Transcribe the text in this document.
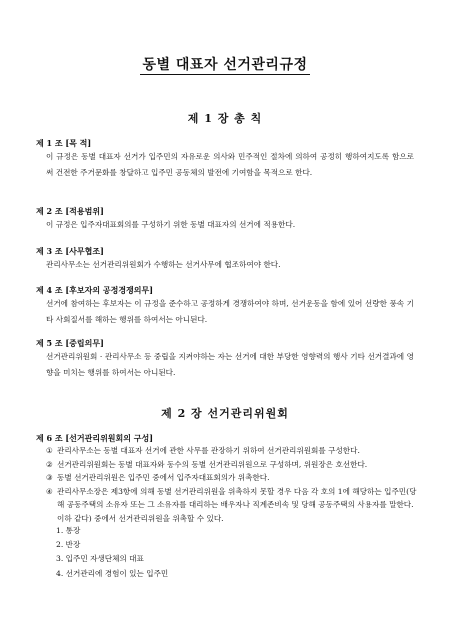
동별 대표자 선거관리규정
제 1 장 총 칙
제 1 조 [목 적]
이 규정은 동별 대표자 선거가 입주민의 자유로운 의사와 민주적인 절차에 의하여 공정히 행하여지도록 함으로써 건전한 주거문화를 창달하고 입주민 공동체의 발전에 기여함을 목적으로 한다.
제 2 조 [적용범위]
이 규정은 입주자대표회의를 구성하기 위한 동별 대표자의 선거에 적용한다.
제 3 조 [사무협조]
관리사무소는 선거관리위원회가 수행하는 선거사무에 협조하여야 한다.
제 4 조 [후보자의 공정경쟁의무]
선거에 참여하는 후보자는 이 규정을 준수하고 공정하게 경쟁하여야 하며, 선거운동을 함에 있어 선량한 풍속 기타 사회질서를 해하는 행위를 하여서는 아니된다.
제 5 조 [중립의무]
선거관리위원회 · 관리사무소 등 중립을 지켜야하는 자는 선거에 대한 부당한 영향력의 행사 기타 선거결과에 영향을 미치는 행위를 하여서는 아니된다.
제 2 장 선거관리위원회
제 6 조 [선거관리위원회의 구성]
① 관리사무소는 동별 대표자 선거에 관한 사무를 관장하기 위하여 선거관리위원회를 구성한다.
② 선거관리위원회는 동별 대표자와 동수의 동별 선거관리위원으로 구성하며, 위원장은 호선한다.
③ 동별 선거관리위원은 입주민 중에서 입주자대표회의가 위촉한다.
④ 관리사무소장은 제3항에 의해 동별 선거관리위원을 위촉하지 못할 경우 다음 각 호의 1에 해당하는 입주민(당해 공동주택의 소유자 또는 그 소유자를 대리하는 배우자나 직계존비속 및 당해 공동주택의 사용자를 말한다. 이하 같다) 중에서 선거관리위원을 위촉할 수 있다.
1. 통장
2. 반장
3. 입주민 자생단체의 대표
4. 선거관리에 경험이 있는 입주민
